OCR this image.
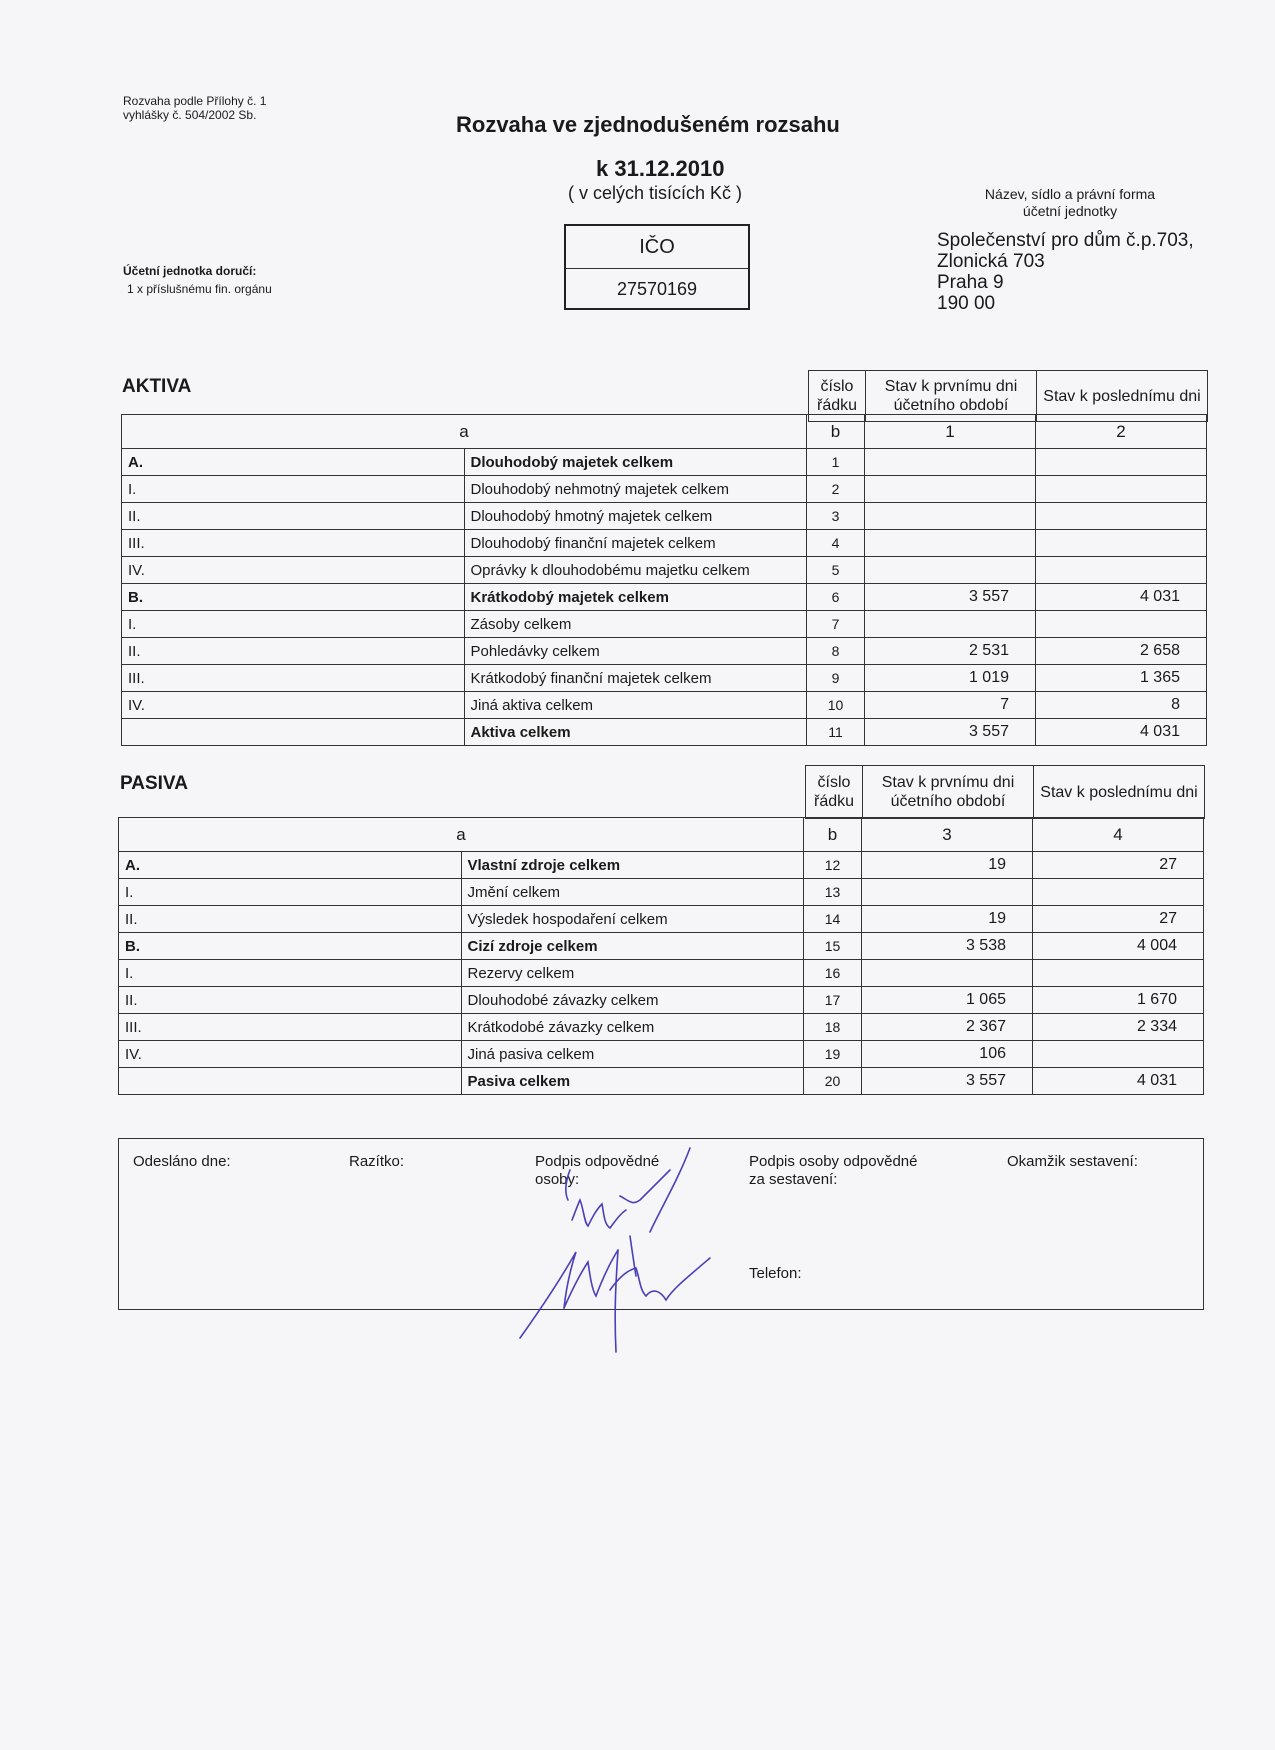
Rozvaha podle Přílohy č. 1
vyhlášky č. 504/2002 Sb.	Rozvaha ve zjednodušeném rozsahu
k 31.12.2010
( v celých tisících Kč )
Účetní jednotka doručí:
1 x příslušnému fin. orgánu
IČO
27570169
Název, sídlo a právní forma
účetní jednotky
Společenství pro dům č.p.703,
Zlonická 703
Praha 9
190 00
AKTIVA	číslo řádku	Stav k prvnímu dni účetního období	Stav k poslednímu dni
a		b	1	2
A.	Dlouhodobý majetek celkem	1		
I.	Dlouhodobý nehmotný majetek celkem	2		
II.	Dlouhodobý hmotný majetek celkem	3		
III.	Dlouhodobý finanční majetek celkem	4		
IV.	Oprávky k dlouhodobému majetku celkem	5		
B.	Krátkodobý majetek celkem	6	3 557	4 031
I.	Zásoby celkem	7		
II.	Pohledávky celkem	8	2 531	2 658
III.	Krátkodobý finanční majetek celkem	9	1 019	1 365
IV.	Jiná aktiva celkem	10	7	8
	Aktiva celkem	11	3 557	4 031
PASIVA	číslo řádku	Stav k prvnímu dni účetního období	Stav k poslednímu dni
a		b	3	4
A.	Vlastní zdroje celkem	12	19	27
I.	Jmění celkem	13		
II.	Výsledek hospodaření celkem	14	19	27
B.	Cizí zdroje celkem	15	3 538	4 004
I.	Rezervy celkem	16		
II.	Dlouhodobé závazky celkem	17	1 065	1 670
III.	Krátkodobé závazky celkem	18	2 367	2 334
IV.	Jiná pasiva celkem	19	106	
	Pasiva celkem	20	3 557	4 031
Odesláno dne:	Razítko:	Podpis odpovědné
osoby:
Podpis osoby odpovědné
za sestavení:
Okamžik sestavení:
Telefon:
